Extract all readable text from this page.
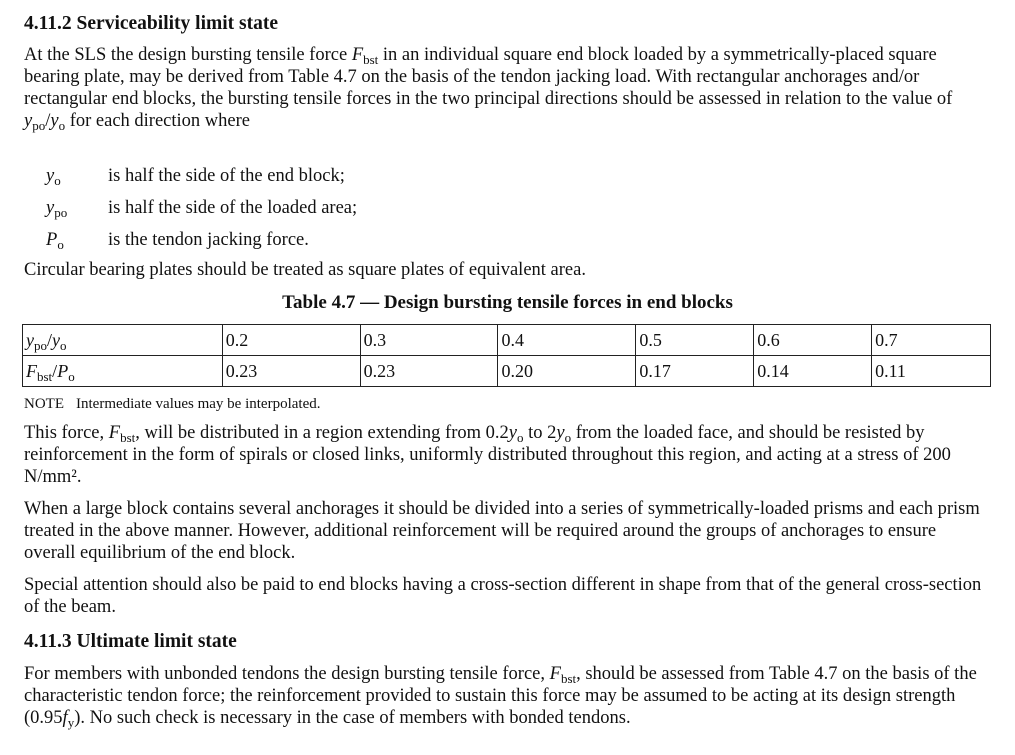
4.11.2 Serviceability limit state

At the SLS the design bursting tensile force $F_{bst}$ in an individual square end block loaded by a symmetrically-placed square bearing plate, may be derived from Table 4.7 on the basis of the tendon jacking load. With rectangular anchorages and/or rectangular end blocks, the bursting tensile forces in the two principal directions should be assessed in relation to the value of $y_{po}/y_o$ for each direction where

$y_o$	is half the side of the end block;
$y_{po}$	is half the side of the loaded area;
$P_o$	is the tendon jacking force.

Circular bearing plates should be treated as square plates of equivalent area.

Table 4.7 — Design bursting tensile forces in end blocks
$y_{po}/y_o$	0.2	0.3	0.4	0.5	0.6	0.7
$F_{bst}/P_o$	0.23	0.23	0.20	0.17	0.14	0.11
NOTE Intermediate values may be interpolated.

This force, $F_{bst}$, will be distributed in a region extending from $0.2y_o$ to $2y_o$ from the loaded face, and should be resisted by reinforcement in the form of spirals or closed links, uniformly distributed throughout this region, and acting at a stress of 200 N/mm².

When a large block contains several anchorages it should be divided into a series of symmetrically-loaded prisms and each prism treated in the above manner. However, additional reinforcement will be required around the groups of anchorages to ensure overall equilibrium of the end block.

Special attention should also be paid to end blocks having a cross-section different in shape from that of the general cross-section of the beam.

4.11.3 Ultimate limit state

For members with unbonded tendons the design bursting tensile force, $F_{bst}$, should be assessed from Table 4.7 on the basis of the characteristic tendon force; the reinforcement provided to sustain this force may be assumed to be acting at its design strength $(0.95f_y)$. No such check is necessary in the case of members with bonded tendons.
